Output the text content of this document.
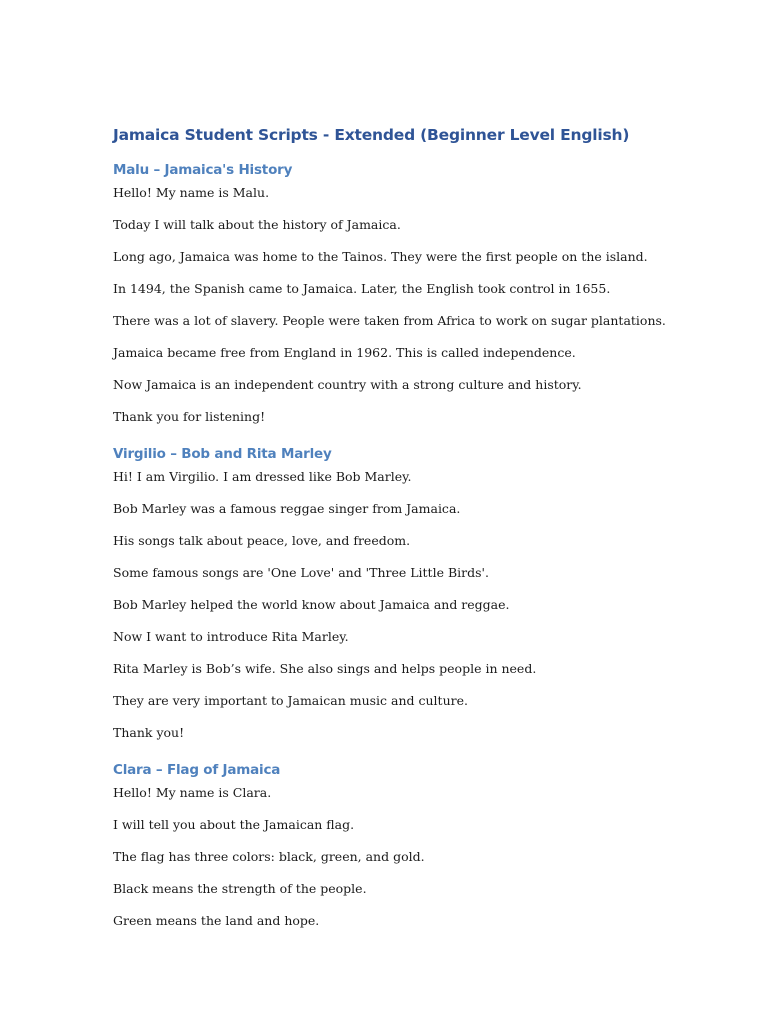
Jamaica Student Scripts - Extended (Beginner Level English)
Malu – Jamaica's History

Hello! My name is Malu.

Today I will talk about the history of Jamaica.

Long ago, Jamaica was home to the Tainos. They were the first people on the island.

In 1494, the Spanish came to Jamaica. Later, the English took control in 1655.

There was a lot of slavery. People were taken from Africa to work on sugar plantations.

Jamaica became free from England in 1962. This is called independence.

Now Jamaica is an independent country with a strong culture and history.

Thank you for listening!

Virgilio – Bob and Rita Marley

Hi! I am Virgilio. I am dressed like Bob Marley.

Bob Marley was a famous reggae singer from Jamaica.

His songs talk about peace, love, and freedom.

Some famous songs are 'One Love' and 'Three Little Birds'.

Bob Marley helped the world know about Jamaica and reggae.

Now I want to introduce Rita Marley.

Rita Marley is Bob’s wife. She also sings and helps people in need.

They are very important to Jamaican music and culture.

Thank you!

Clara – Flag of Jamaica

Hello! My name is Clara.

I will tell you about the Jamaican flag.

The flag has three colors: black, green, and gold.

Black means the strength of the people.

Green means the land and hope.
